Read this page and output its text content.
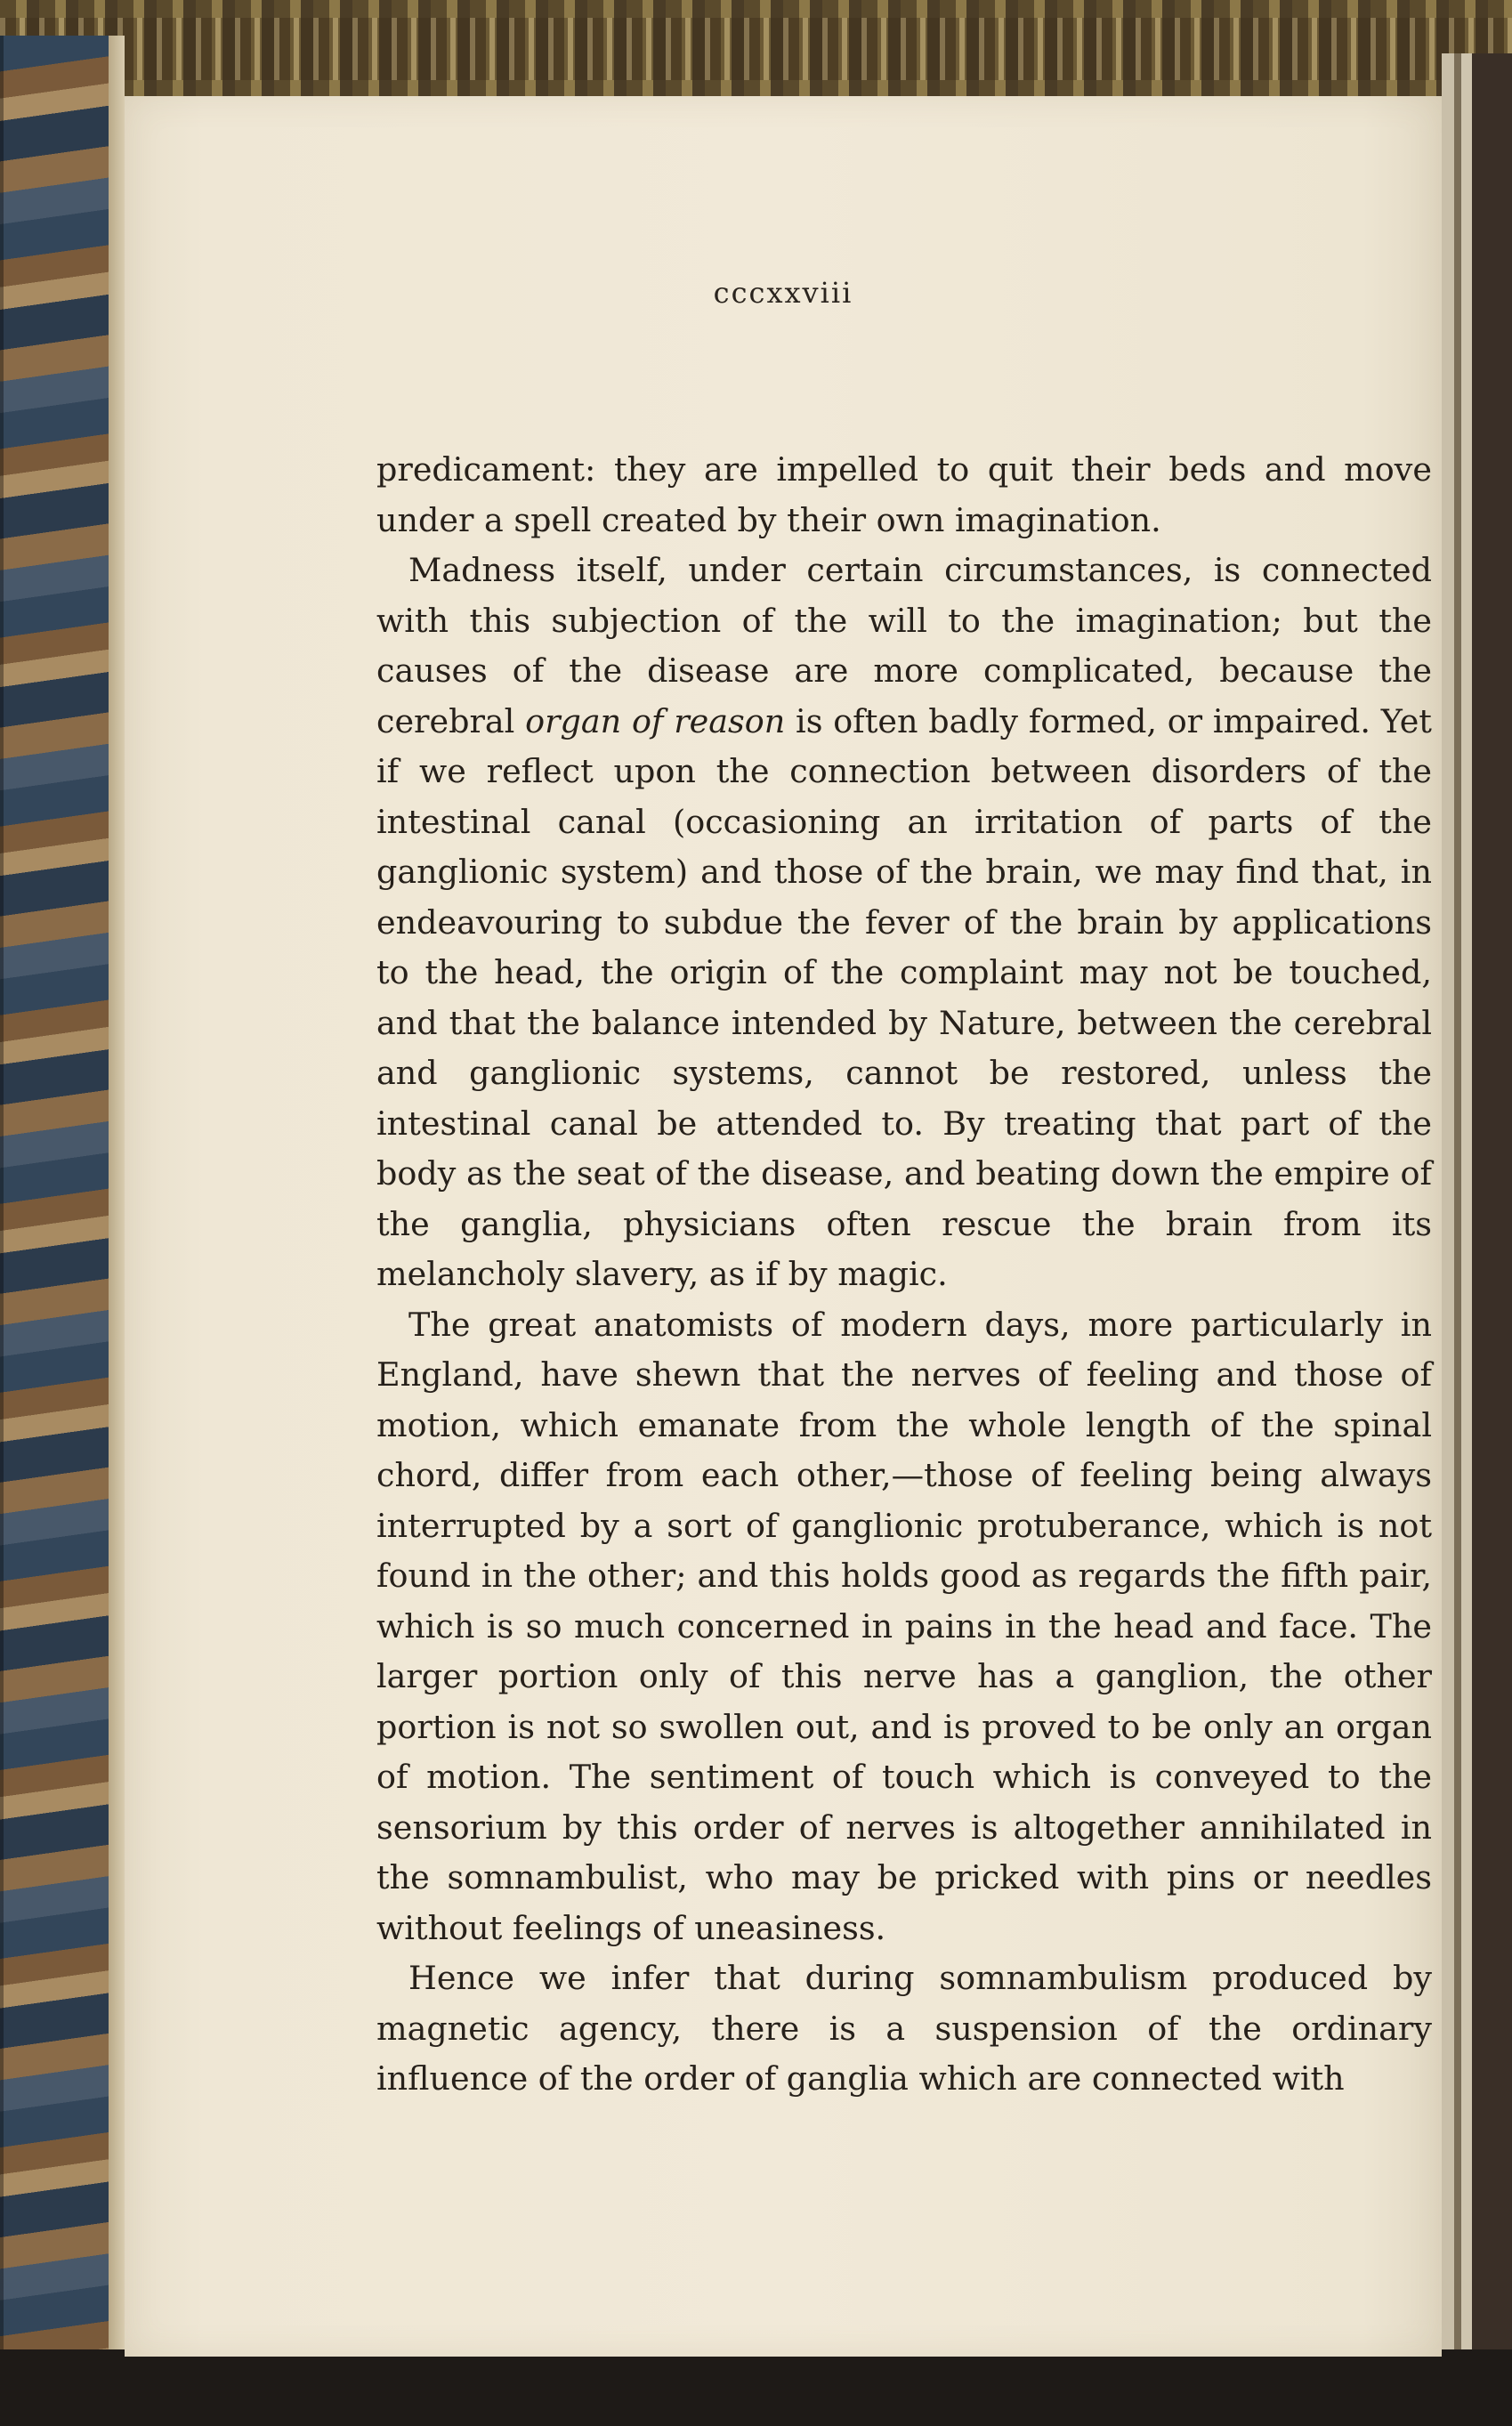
cccxxviii

predicament: they are impelled to quit their beds and move under a spell created by their own imagination.

Madness itself, under certain circumstances, is connected with this subjection of the will to the imagination; but the causes of the disease are more complicated, because the cerebral organ of reason is often badly formed, or impaired. Yet if we reflect upon the connection between disorders of the intestinal canal (occasioning an irritation of parts of the ganglionic system) and those of the brain, we may find that, in endeavouring to subdue the fever of the brain by applications to the head, the origin of the complaint may not be touched, and that the balance intended by Nature, between the cerebral and ganglionic systems, cannot be restored, unless the intestinal canal be attended to. By treating that part of the body as the seat of the disease, and beating down the empire of the ganglia, physicians often rescue the brain from its melancholy slavery, as if by magic.

The great anatomists of modern days, more particularly in England, have shewn that the nerves of feeling and those of motion, which emanate from the whole length of the spinal chord, differ from each other,—those of feeling being always interrupted by a sort of ganglionic protuberance, which is not found in the other; and this holds good as regards the fifth pair, which is so much concerned in pains in the head and face. The larger portion only of this nerve has a ganglion, the other portion is not so swollen out, and is proved to be only an organ of motion. The sentiment of touch which is conveyed to the sensorium by this order of nerves is altogether annihilated in the somnambulist, who may be pricked with pins or needles without feelings of uneasiness.

Hence we infer that during somnambulism produced by magnetic agency, there is a suspension of the ordinary influence of the order of ganglia which are connected with
